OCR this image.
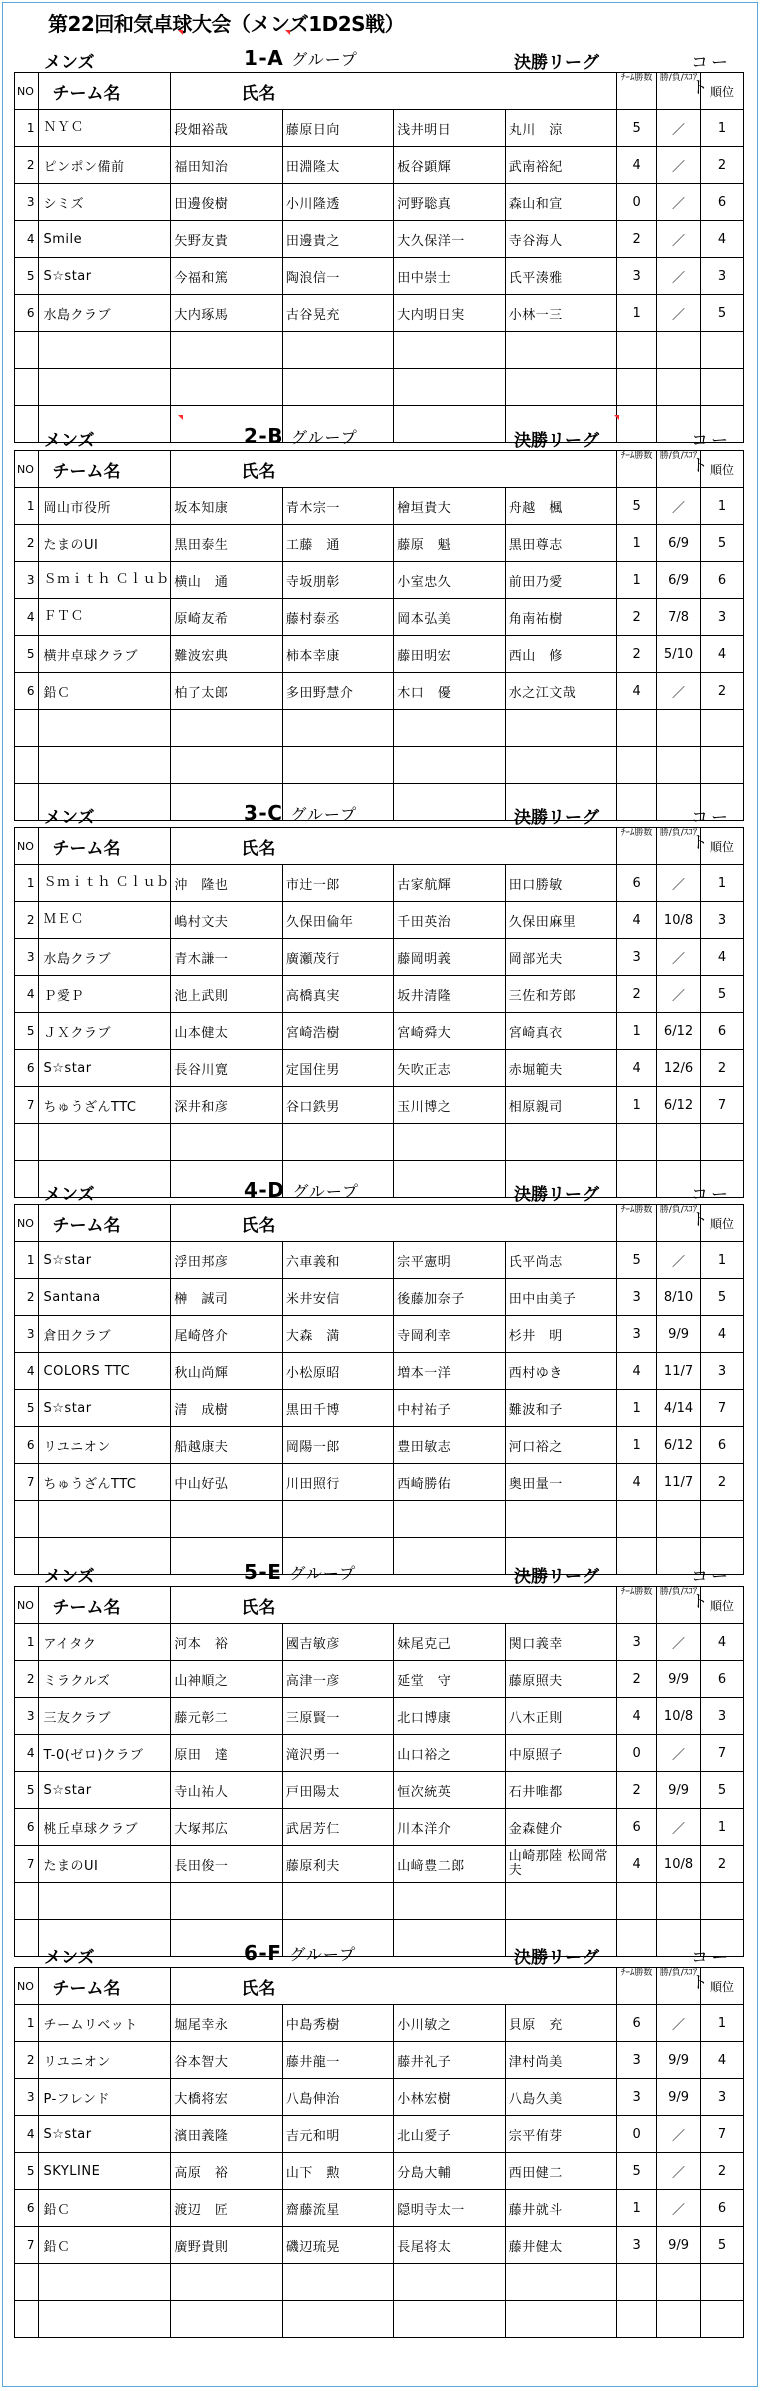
第22回和気卓球大会（メンズ1D2S戦）
メンズ	1-A グループ	決勝リーグ	コート
NO	チーム名	氏名				ﾁｰﾑ勝数	勝/負/ｽｺｱ	順位
1	ＮＹＣ	段畑裕哉	藤原日向	浅井明日	丸川　涼	5	／	1
2	ピンポン備前	福田知治	田淵隆太	板谷顕輝	武南裕紀	4	／	2
3	シミズ	田邊俊樹	小川隆透	河野聡真	森山和宣	0	／	6
4	Smile	矢野友貴	田邊貴之	大久保洋一	寺谷海人	2	／	4
5	S☆star	今福和篤	陶浪信一	田中崇士	氏平湊雅	3	／	3
6	水島クラブ	大内琢馬	古谷晃充	大内明日実	小林一三	1	／	5

メンズ	2-B グループ	決勝リーグ	コート
NO	チーム名	氏名				ﾁｰﾑ勝数	勝/負/ｽｺｱ	順位
1	岡山市役所	坂本知康	青木宗一	檜垣貴大	舟越　楓	5	／	1
2	たまのUI	黒田泰生	工藤　通	藤原　魁	黒田尊志	1	6/9	5
3	Ｓｍｉｔｈ Ｃｌｕｂ	横山　通	寺坂朋彰	小室忠久	前田乃愛	1	6/9	6
4	ＦＴＣ	原崎友希	藤村泰丞	岡本弘美	角南祐樹	2	7/8	3
5	横井卓球クラブ	難波宏典	柿本幸康	藤田明宏	西山　修	2	5/10	4
6	鉛Ｃ	柏了太郎	多田野慧介	木口　優	水之江文哉	4	／	2

メンズ	3-C グループ	決勝リーグ	コート
NO	チーム名	氏名				ﾁｰﾑ勝数	勝/負/ｽｺｱ	順位
1	Ｓｍｉｔｈ Ｃｌｕｂ	沖　隆也	市辻一郎	古家航輝	田口勝敏	6	／	1
2	ＭＥＣ	嶋村文夫	久保田倫年	千田英治	久保田麻里	4	10/8	3
3	水島クラブ	青木謙一	廣瀬茂行	藤岡明義	岡部光夫	3	／	4
4	Ｐ愛Ｐ	池上武則	高橋真実	坂井清隆	三佐和芳郎	2	／	5
5	ＪＸクラブ	山本健太	宮崎浩樹	宮崎舜大	宮崎真衣	1	6/12	6
6	S☆star	長谷川寛	定国住男	矢吹正志	赤堀範夫	4	12/6	2
7	ちゅうざんTTC	深井和彦	谷口鉄男	玉川博之	相原親司	1	6/12	7

メンズ	4-D グループ	決勝リーグ	コート
NO	チーム名	氏名				ﾁｰﾑ勝数	勝/負/ｽｺｱ	順位
1	S☆star	浮田邦彦	六車義和	宗平憲明	氏平尚志	5	／	1
2	Santana	榊　誠司	米井安信	後藤加奈子	田中由美子	3	8/10	5
3	倉田クラブ	尾崎啓介	大森　満	寺岡利幸	杉井　明	3	9/9	4
4	COLORS TTC	秋山尚輝	小松原昭	増本一洋	西村ゆき	4	11/7	3
5	S☆star	清　成樹	黒田千博	中村祐子	難波和子	1	4/14	7
6	リユニオン	船越康夫	岡陽一郎	豊田敏志	河口裕之	1	6/12	6
7	ちゅうざんTTC	中山好弘	川田照行	西崎勝佑	奥田量一	4	11/7	2

メンズ	5-E グループ	決勝リーグ	コート
NO	チーム名	氏名				ﾁｰﾑ勝数	勝/負/ｽｺｱ	順位
1	アイタク	河本　裕	國吉敏彦	妹尾克己	関口義幸	3	／	4
2	ミラクルズ	山神順之	高津一彦	延堂　守	藤原照夫	2	9/9	6
3	三友クラブ	藤元彰二	三原賢一	北口博康	八木正則	4	10/8	3
4	T-0(ゼロ)クラブ	原田　達	滝沢勇一	山口裕之	中原照子	0	／	7
5	S☆star	寺山祐人	戸田陽太	恒次統英	石井唯都	2	9/9	5
6	桃丘卓球クラブ	大塚邦広	武居芳仁	川本洋介	金森健介	6	／	1
7	たまのUI	長田俊一	藤原利夫	山﨑豊二郎	山崎那陸 松岡常夫	4	10/8	2

メンズ	6-F グループ	決勝リーグ	コート
NO	チーム名	氏名				ﾁｰﾑ勝数	勝/負/ｽｺｱ	順位
1	チームリベット	堀尾幸永	中島秀樹	小川敏之	貝原　充	6	／	1
2	リユニオン	谷本智大	藤井龍一	藤井礼子	津村尚美	3	9/9	4
3	P-フレンド	大橋将宏	八島伸治	小林宏樹	八島久美	3	9/9	3
4	S☆star	濱田義隆	吉元和明	北山愛子	宗平侑芽	0	／	7
5	SKYLINE	高原　裕	山下　勲	分島大輔	西田健二	5	／	2
6	鉛Ｃ	渡辺　匠	齋藤流星	隠明寺太一	藤井就斗	1	／	6
7	鉛Ｃ	廣野貴則	磯辺琉晃	長尾将太	藤井健太	3	9/9	5
